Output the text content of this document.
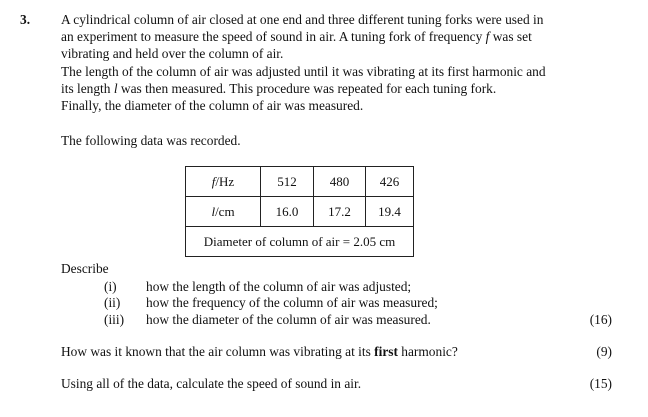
3. A cylindrical column of air closed at one end and three different tuning forks were used in
an experiment to measure the speed of sound in air. A tuning fork of frequency f was set
vibrating and held over the column of air.
The length of the column of air was adjusted until it was vibrating at its first harmonic and
its length l was then measured. This procedure was repeated for each tuning fork.
Finally, the diameter of the column of air was measured.
The following data was recorded.
f/Hz	512	480	426
l/cm	16.0	17.2	19.4
Diameter of column of air = 2.05 cm			
Describe
(i) how the length of the column of air was adjusted;
(ii) how the frequency of the column of air was measured;
(iii) how the diameter of the column of air was measured.	(16)
How was it known that the air column was vibrating at its first harmonic?	(9)
Using all of the data, calculate the speed of sound in air.	(15)
